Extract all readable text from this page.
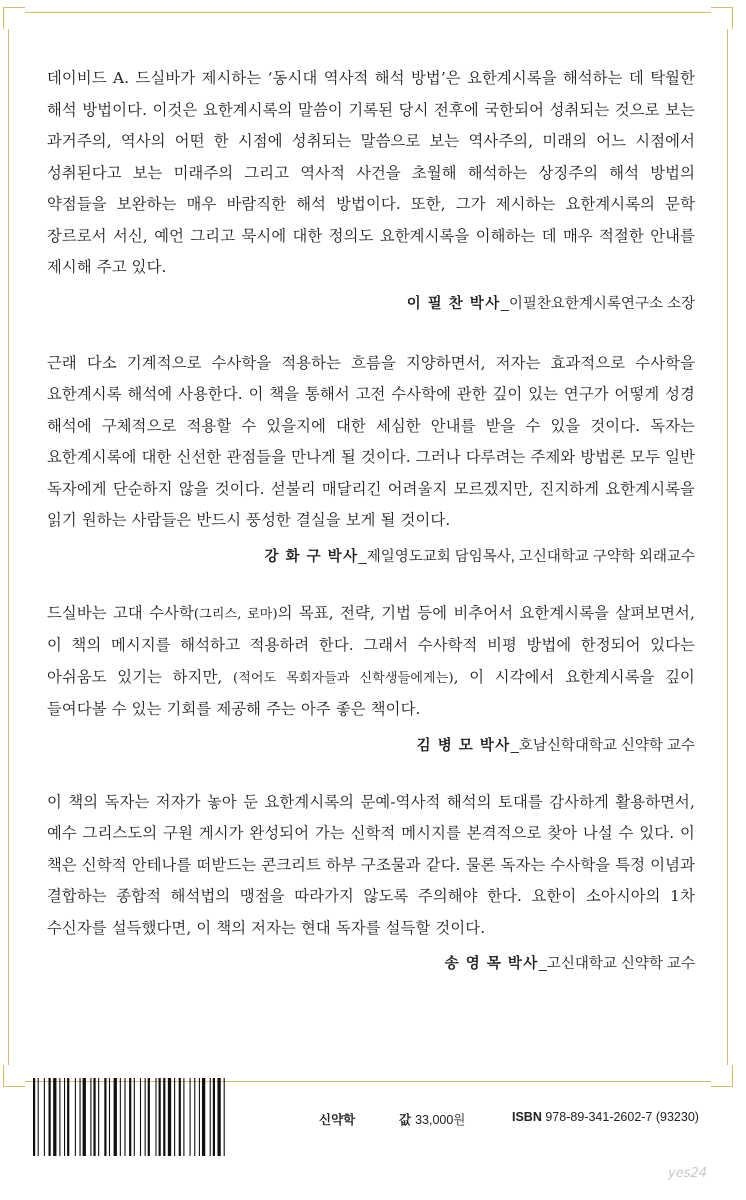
데이비드 A. 드실바가 제시하는 ‘동시대 역사적 해석 방법’은 요한계시록을 해석하는 데 탁월한 해석 방법이다. 이것은 요한계시록의 말씀이 기록된 당시 전후에 국한되어 성취되는 것으로 보는 과거주의, 역사의 어떤 한 시점에 성취되는 말씀으로 보는 역사주의, 미래의 어느 시점에서 성취된다고 보는 미래주의 그리고 역사적 사건을 초월해 해석하는 상징주의 해석 방법의 약점들을 보완하는 매우 바람직한 해석 방법이다. 또한, 그가 제시하는 요한계시록의 문학 장르로서 서신, 예언 그리고 묵시에 대한 정의도 요한계시록을 이해하는 데 매우 적절한 안내를 제시해 주고 있다.

이 필 찬 박사_이필찬요한계시록연구소 소장

근래 다소 기계적으로 수사학을 적용하는 흐름을 지양하면서, 저자는 효과적으로 수사학을 요한계시록 해석에 사용한다. 이 책을 통해서 고전 수사학에 관한 깊이 있는 연구가 어떻게 성경 해석에 구체적으로 적용할 수 있을지에 대한 세심한 안내를 받을 수 있을 것이다. 독자는 요한계시록에 대한 신선한 관점들을 만나게 될 것이다. 그러나 다루려는 주제와 방법론 모두 일반 독자에게 단순하지 않을 것이다. 섣불리 매달리긴 어려울지 모르겠지만, 진지하게 요한계시록을 읽기 원하는 사람들은 반드시 풍성한 결실을 보게 될 것이다.

강 화 구 박사_제일영도교회 담임목사, 고신대학교 구약학 외래교수

드실바는 고대 수사학(그리스, 로마)의 목표, 전략, 기법 등에 비추어서 요한계시록을 살펴보면서, 이 책의 메시지를 해석하고 적용하려 한다. 그래서 수사학적 비평 방법에 한정되어 있다는 아쉬움도 있기는 하지만, (적어도 목회자들과 신학생들에게는), 이 시각에서 요한계시록을 깊이 들여다볼 수 있는 기회를 제공해 주는 아주 좋은 책이다.

김 병 모 박사_호남신학대학교 신약학 교수

이 책의 독자는 저자가 놓아 둔 요한계시록의 문예-역사적 해석의 토대를 감사하게 활용하면서, 예수 그리스도의 구원 게시가 완성되어 가는 신학적 메시지를 본격적으로 찾아 나설 수 있다. 이 책은 신학적 안테나를 떠받드는 콘크리트 하부 구조물과 같다. 물론 독자는 수사학을 특정 이념과 결합하는 종합적 해석법의 맹점을 따라가지 않도록 주의해야 한다. 요한이 소아시아의 1차 수신자를 설득했다면, 이 책의 저자는 현대 독자를 설득할 것이다.

송 영 목 박사_고신대학교 신약학 교수
신약학	값 33,000원	ISBN 978-89-341-2602-7 (93230)
yes24
